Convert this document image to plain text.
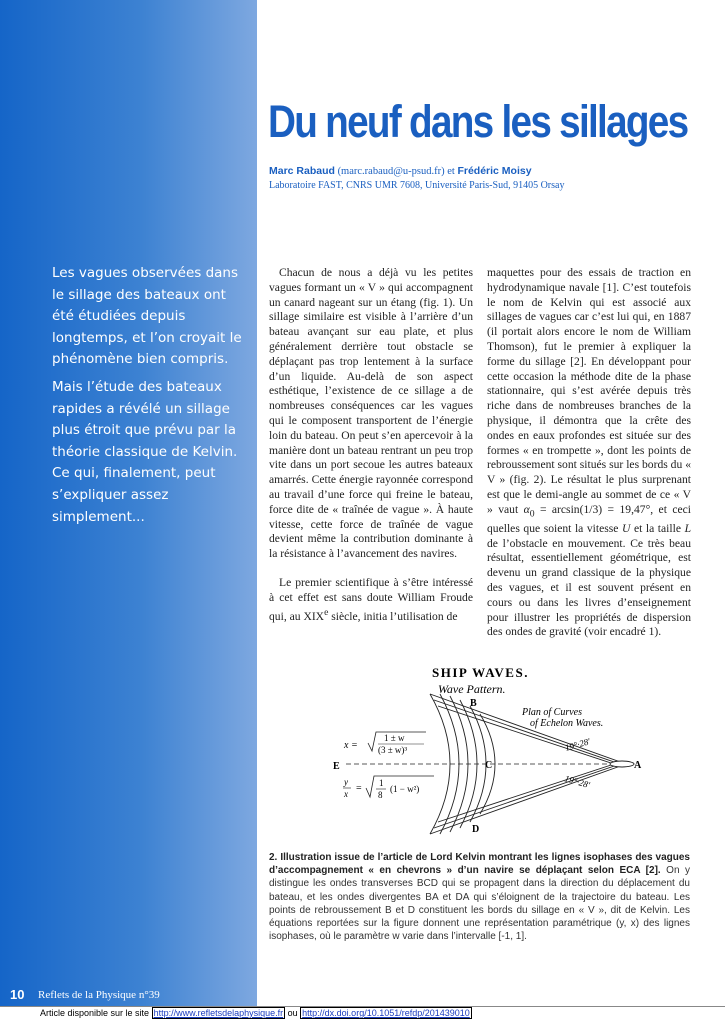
Du neuf dans les sillages
Marc Rabaud (marc.rabaud@u-psud.fr) et Frédéric Moisy
Laboratoire FAST, CNRS UMR 7608, Université Paris-Sud, 91405 Orsay

Les vagues observées dans le sillage des bateaux ont été étudiées depuis longtemps, et l’on croyait le phénomène bien compris.

Mais l’étude des bateaux rapides a révélé un sillage plus étroit que prévu par la théorie classique de Kelvin. Ce qui, finalement, peut s’expliquer assez simplement...

Chacun de nous a déjà vu les petites vagues formant un « V » qui accompagnent un canard nageant sur un étang (fig. 1). Un sillage similaire est visible à l’arrière d’un bateau avançant sur eau plate, et plus généralement derrière tout obstacle se déplaçant pas trop lentement à la surface d’un liquide. Au-delà de son aspect esthétique, l’existence de ce sillage a de nombreuses conséquences car les vagues qui le composent transportent de l’énergie loin du bateau. On peut s’en apercevoir à la manière dont un bateau rentrant un peu trop vite dans un port secoue les autres bateaux amarrés. Cette énergie rayonnée correspond au travail d’une force qui freine le bateau, force dite de « traînée de vague ». À haute vitesse, cette force de traînée de vague devient même la contribution dominante à la résistance à l’avancement des navires.

Le premier scientifique à s’être intéressé à cet effet est sans doute William Froude qui, au XIXe siècle, initia l’utilisation de

maquettes pour des essais de traction en hydrodynamique navale [1]. C’est toutefois le nom de Kelvin qui est associé aux sillages de vagues car c’est lui qui, en 1887 (il portait alors encore le nom de William Thomson), fut le premier à expliquer la forme du sillage [2]. En développant pour cette occasion la méthode dite de la phase stationnaire, qui s’est avérée depuis très riche dans de nombreuses branches de la physique, il démontra que la crête des ondes en eaux profondes est située sur des formes « en trompette », dont les points de rebroussement sont situés sur les bords du « V » (fig. 2). Le résultat le plus surprenant est que le demi-angle au sommet de ce « V » vaut $\alpha_0 = \arcsin(1/3) = 19,47^\circ$, et ceci quelles que soient la vitesse U et la taille L de l’obstacle en mouvement. Ce très beau résultat, essentiellement géométrique, est devenu un grand classique de la physique des vagues, et il est souvent présent en cours ou dans les livres d’enseignement pour illustrer les propriétés de dispersion des ondes de gravité (voir encadré 1).

SHIP WAVES.
Wave Pattern.
Plan of Curves
of Echelon Waves.
A
B
C
D
E
19°·28′
19°·28′
x =
1 ± w
(3 ± w)³
y
x = 1
8
(1 − w²)
2. Illustration issue de l’article de Lord Kelvin montrant les lignes isophases des vagues d’accompagnement « en chevrons » d’un navire se déplaçant selon ECA [2]. On y distingue les ondes transverses BCD qui se propagent dans la direction du déplacement du bateau, et les ondes divergentes BA et DA qui s’éloignent de la trajectoire du bateau. Les points de rebroussement B et D constituent les bords du sillage en « V », dit de Kelvin. Les équations reportées sur la figure donnent une représentation paramétrique (y, x) des lignes isophases, où le paramètre w varie dans l’intervalle [-1, 1].
10 Reflets de la Physique n°39
Article disponible sur le site http://www.refletsdelaphysique.fr ou http://dx.doi.org/10.1051/refdp/201439010
